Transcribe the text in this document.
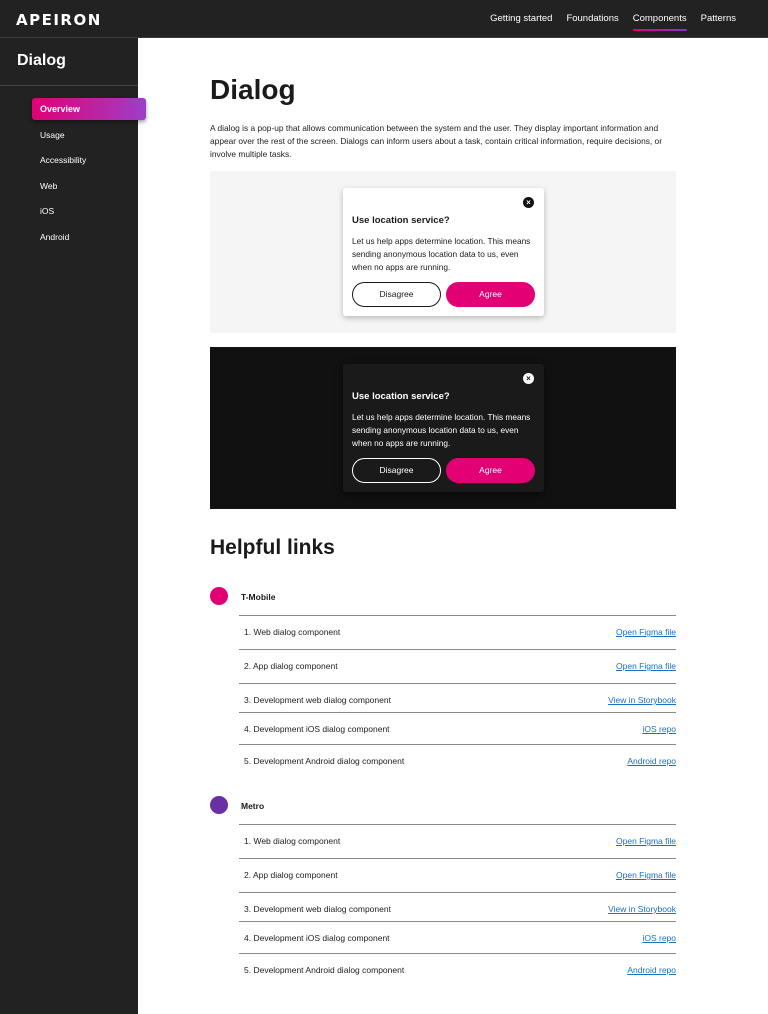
APEIRON	Getting started Foundations Components Patterns
Dialog
Overview
Usage
Accessibility
Web
iOS
Android
Dialog

A dialog is a pop-up that allows communication between the system and the user. They display important information and appear over the rest of the screen. Dialogs can inform users about a task, contain critical information, require decisions, or involve multiple tasks.

×
Use location service?
Let us help apps determine location. This means sending anonymous location data to us, even when no apps are running.
Disagree	Agree
×
Use location service?
Let us help apps determine location. This means sending anonymous location data to us, even when no apps are running.
Disagree	Agree
Helpful links
T-Mobile
1. Web dialog component	Open Figma file
2. App dialog component	Open Figma file
3. Development web dialog component	View in Storybook
4. Development iOS dialog component	iOS repo
5. Development Android dialog component	Android repo
Metro
1. Web dialog component	Open Figma file
2. App dialog component	Open Figma file
3. Development web dialog component	View in Storybook
4. Development iOS dialog component	iOS repo
5. Development Android dialog component	Android repo
